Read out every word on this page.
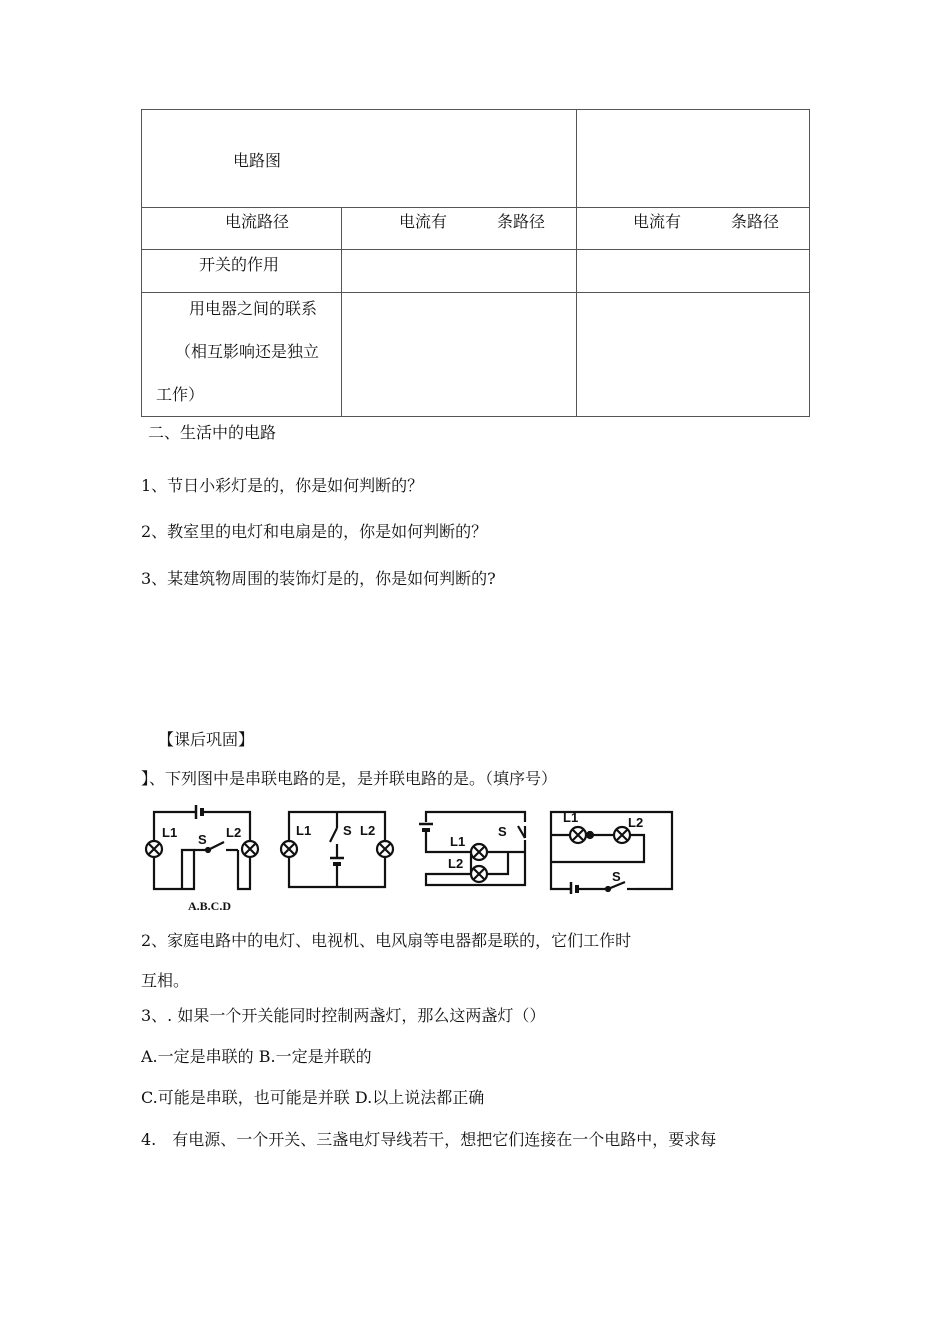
电路图		

电流路径	电流有 条路径	电流有 条路径

开关的作用		

用电器之间的联系
（相互影响还是独立
工作）		

二、生活中的电路
1、节日小彩灯是的，你是如何判断的？
2、教室里的电灯和电扇是的，你是如何判断的？
3、某建筑物周围的装饰灯是的，你是如何判断的?
【课后巩固】
】、下列图中是串联电路的是，是并联电路的是。（填序号）
L1 S L2	L1 S L2
L1
S
L2
L1	L2
S
A.B.C.D
2、家庭电路中的电灯、电视机、电风扇等电器都是联的，它们工作时
互相。
3、. 如果一个开关能同时控制两盏灯，那么这两盏灯（）
A.一定是串联的 B.一定是并联的
C.可能是串联，也可能是并联 D.以上说法都正确
4.　有电源、一个开关、三盏电灯导线若干，想把它们连接在一个电路中，要求每
